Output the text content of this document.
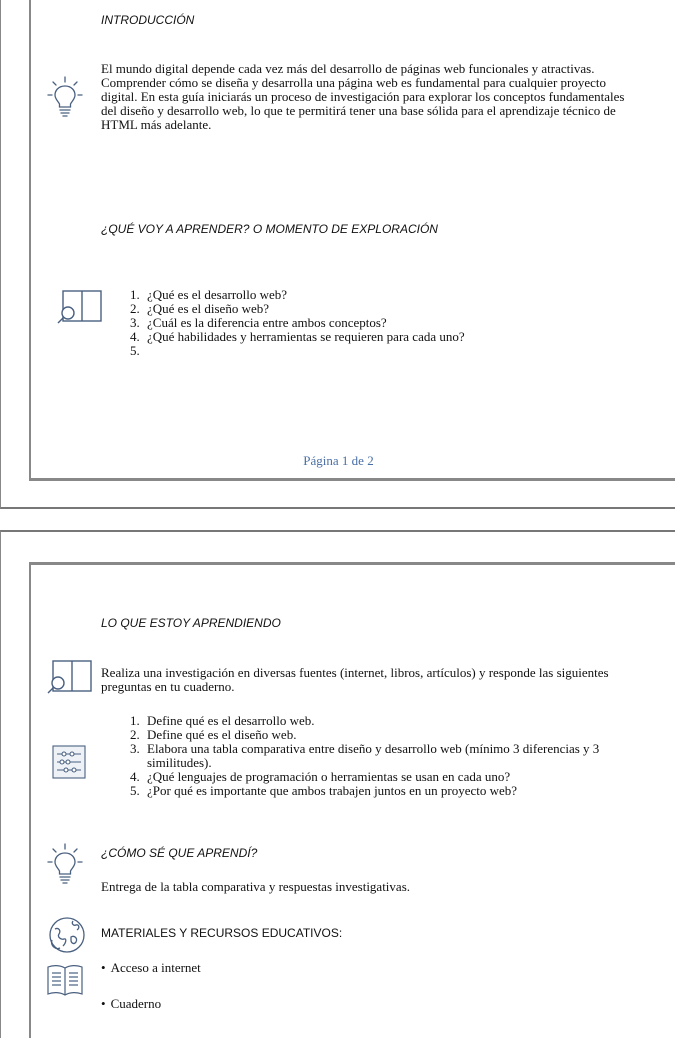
INTRODUCCIÓN

El mundo digital depende cada vez más del desarrollo de páginas web funcionales y atractivas. Comprender cómo se diseña y desarrolla una página web es fundamental para cualquier proyecto digital. En esta guía iniciarás un proceso de investigación para explorar los conceptos fundamentales del diseño y desarrollo web, lo que te permitirá tener una base sólida para el aprendizaje técnico de HTML más adelante.

¿QUÉ VOY A APRENDER? O MOMENTO DE EXPLORACIÓN
1. ¿Qué es el desarrollo web?
2. ¿Qué es el diseño web?
3. ¿Cuál es la diferencia entre ambos conceptos?
4. ¿Qué habilidades y herramientas se requieren para cada uno?
5.
Página 1 de 2
LO QUE ESTOY APRENDIENDO

Realiza una investigación en diversas fuentes (internet, libros, artículos) y responde las siguientes preguntas en tu cuaderno.

1. Define qué es el desarrollo web.
2. Define qué es el diseño web.
3. Elabora una tabla comparativa entre diseño y desarrollo web (mínimo 3 diferencias y 3 similitudes).
4. ¿Qué lenguajes de programación o herramientas se usan en cada uno?
5. ¿Por qué es importante que ambos trabajen juntos en un proyecto web?
¿CÓMO SÉ QUE APRENDÍ?

Entrega de la tabla comparativa y respuestas investigativas.

MATERIALES Y RECURSOS EDUCATIVOS:
• Acceso a internet
• Cuaderno
